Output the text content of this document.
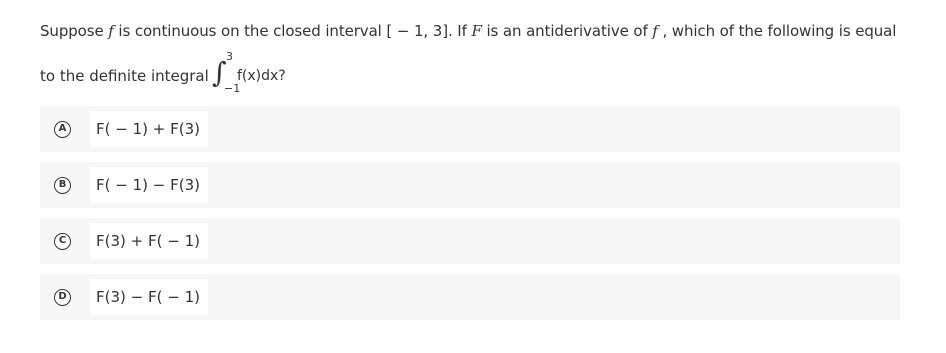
Suppose f is continuous on the closed interval [ − 1, 3]. If F is an antiderivative of f , which of the following is equal
to the definite integral ∫ 3
−1
f(x)dx?
A	F( − 1) + F(3)
B	F( − 1) − F(3)
C	F(3) + F( − 1)
D	F(3) − F( − 1)
